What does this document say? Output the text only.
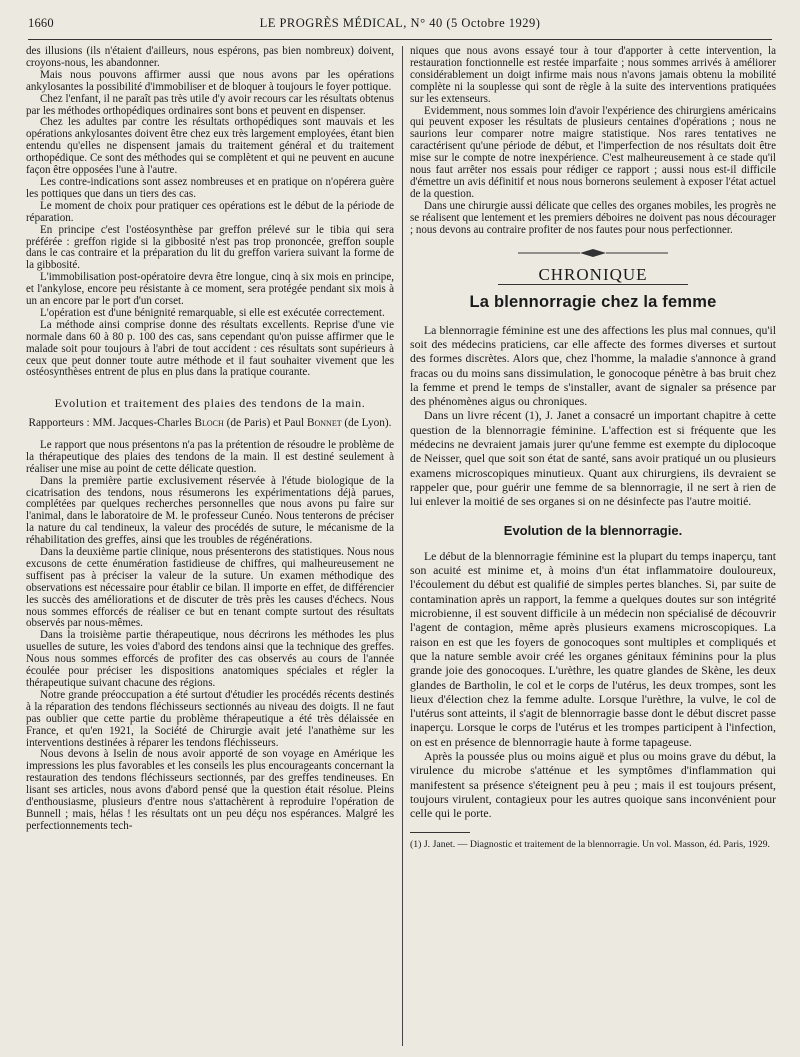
1660	LE PROGRÈS MÉDICAL, N° 40 (5 Octobre 1929)

des illusions (ils n'étaient d'ailleurs, nous espérons, pas bien nombreux) doivent, croyons-nous, les abandonner.

Mais nous pouvons affirmer aussi que nous avons par les opérations ankylosantes la possibilité d'immobiliser et de bloquer à toujours le foyer pottique.

Chez l'enfant, il ne paraît pas très utile d'y avoir recours car les résultats obtenus par les méthodes orthopédiques ordinaires sont bons et peuvent en dispenser.

Chez les adultes par contre les résultats orthopédiques sont mauvais et les opérations ankylosantes doivent être chez eux très largement employées, étant bien entendu qu'elles ne dispensent jamais du traitement général et du traitement orthopédique. Ce sont des méthodes qui se complètent et qui ne peuvent en aucune façon être opposées l'une à l'autre.

Les contre-indications sont assez nombreuses et en pratique on n'opérera guère les pottiques que dans un tiers des cas.

Le moment de choix pour pratiquer ces opérations est le début de la période de réparation.

En principe c'est l'ostéosynthèse par greffon prélevé sur le tibia qui sera préférée : greffon rigide si la gibbosité n'est pas trop prononcée, greffon souple dans le cas contraire et la préparation du lit du greffon variera suivant la forme de la gibbosité.

L'immobilisation post-opératoire devra être longue, cinq à six mois en principe, et l'ankylose, encore peu résistante à ce moment, sera protégée pendant six mois à un an encore par le port d'un corset.

L'opération est d'une bénignité remarquable, si elle est exécutée correctement.

La méthode ainsi comprise donne des résultats excellents. Reprise d'une vie normale dans 60 à 80 p. 100 des cas, sans cependant qu'on puisse affirmer que le malade soit pour toujours à l'abri de tout accident : ces résultats sont supérieurs à ceux que peut donner toute autre méthode et il faut souhaiter vivement que les ostéosynthèses entrent de plus en plus dans la pratique courante.

Evolution et traitement des plaies des tendons de la main.
Rapporteurs : MM. Jacques-Charles Bloch (de Paris) et Paul Bonnet (de Lyon).

Le rapport que nous présentons n'a pas la prétention de résoudre le problème de la thérapeutique des plaies des tendons de la main. Il est destiné seulement à réaliser une mise au point de cette délicate question.

Dans la première partie exclusivement réservée à l'étude biologique de la cicatrisation des tendons, nous résumerons les expérimentations déjà parues, complétées par quelques recherches personnelles que nous avons pu faire sur l'animal, dans le laboratoire de M. le professeur Cunéo. Nous tenterons de préciser la nature du cal tendineux, la valeur des procédés de suture, le mécanisme de la réhabilitation des greffes, ainsi que les troubles de régénérations.

Dans la deuxième partie clinique, nous présenterons des statistiques. Nous nous excusons de cette énumération fastidieuse de chiffres, qui malheureusement ne suffisent pas à préciser la valeur de la suture. Un examen méthodique des observations est nécessaire pour établir ce bilan. Il importe en effet, de différencier les succès des améliorations et de discuter de très près les causes d'échecs. Nous nous sommes efforcés de réaliser ce but en tenant compte surtout des résultats observés par nous-mêmes.

Dans la troisième partie thérapeutique, nous décrirons les méthodes les plus usuelles de suture, les voies d'abord des tendons ainsi que la technique des greffes. Nous nous sommes efforcés de profiter des cas observés au cours de l'année écoulée pour préciser les dispositions anatomiques spéciales et régler la thérapeutique suivant chacune des régions.

Notre grande préoccupation a été surtout d'étudier les procédés récents destinés à la réparation des tendons fléchisseurs sectionnés au niveau des doigts. Il ne faut pas oublier que cette partie du problème thérapeutique a été très délaissée en France, et qu'en 1921, la Société de Chirurgie avait jeté l'anathème sur les interventions destinées à réparer les tendons fléchisseurs.

Nous devons à Iselin de nous avoir apporté de son voyage en Amérique les impressions les plus favorables et les conseils les plus encourageants concernant la restauration des tendons fléchisseurs sectionnés, par des greffes tendineuses. En lisant ses articles, nous avons d'abord pensé que la question était résolue. Pleins d'enthousiasme, plusieurs d'entre nous s'attachèrent à reproduire l'opération de Bunnell ; mais, hélas ! les résultats ont un peu déçu nos espérances. Malgré les perfectionnements tech-

niques que nous avons essayé tour à tour d'apporter à cette intervention, la restauration fonctionnelle est restée imparfaite ; nous sommes arrivés à améliorer considérablement un doigt infirme mais nous n'avons jamais obtenu la mobilité complète ni la souplesse qui sont de règle à la suite des interventions pratiquées sur les extenseurs.

Evidemment, nous sommes loin d'avoir l'expérience des chirurgiens américains qui peuvent exposer les résultats de plusieurs centaines d'opérations ; nous ne saurions leur comparer notre maigre statistique. Nos rares tentatives ne caractérisent qu'une période de début, et l'imperfection de nos résultats doit être mise sur le compte de notre inexpérience. C'est malheureusement à ce stade qu'il nous faut arrêter nos essais pour rédiger ce rapport ; aussi nous est-il difficile d'émettre un avis définitif et nous nous bornerons seulement à exposer l'état actuel de la question.

Dans une chirurgie aussi délicate que celles des organes mobiles, les progrès ne se réalisent que lentement et les premiers déboires ne doivent pas nous décourager ; nous devons au contraire profiter de nos fautes pour nous perfectionner.

CHRONIQUE
La blennorragie chez la femme

La blennorragie féminine est une des affections les plus mal connues, qu'il soit des médecins praticiens, car elle affecte des formes diverses et surtout des formes discrètes. Alors que, chez l'homme, la maladie s'annonce à grand fracas ou du moins sans dissimulation, le gonocoque pénètre à bas bruit chez la femme et prend le temps de s'installer, avant de signaler sa présence par des phénomènes aigus ou chroniques.

Dans un livre récent (1), J. Janet a consacré un important chapitre à cette question de la blennorragie féminine. L'affection est si fréquente que les médecins ne devraient jamais jurer qu'une femme est exempte du diplocoque de Neisser, quel que soit son état de santé, sans avoir pratiqué un ou plusieurs examens microscopiques minutieux. Quant aux chirurgiens, ils devraient se rappeler que, pour guérir une femme de sa blennorragie, il ne sert à rien de lui enlever la moitié de ses organes si on ne désinfecte pas l'autre moitié.

Evolution de la blennorragie.

Le début de la blennorragie féminine est la plupart du temps inaperçu, tant son acuité est minime et, à moins d'un état inflammatoire douloureux, l'écoulement du début est qualifié de simples pertes blanches. Si, par suite de contamination après un rapport, la femme a quelques doutes sur son intégrité microbienne, il est souvent difficile à un médecin non spécialisé de découvrir l'agent de contagion, même après plusieurs examens microscopiques. La raison en est que les foyers de gonocoques sont multiples et compliqués et que la nature semble avoir créé les organes génitaux féminins pour la plus grande joie des gonocoques. L'urèthre, les quatre glandes de Skène, les deux glandes de Bartholin, le col et le corps de l'utérus, les deux trompes, sont les lieux d'élection chez la femme adulte. Lorsque l'urèthre, la vulve, le col de l'utérus sont atteints, il s'agit de blennorragie basse dont le début discret passe inaperçu. Lorsque le corps de l'utérus et les trompes participent à l'infection, on est en présence de blennorragie haute à forme tapageuse.

Après la poussée plus ou moins aiguë et plus ou moins grave du début, la virulence du microbe s'atténue et les symptômes d'inflammation qui manifestent sa présence s'éteignent peu à peu ; mais il est toujours présent, toujours virulent, contagieux pour les autres quoique sans inconvénient pour celle qui le porte.

(1) J. Janet. — Diagnostic et traitement de la blennorragie. Un vol. Masson, éd. Paris, 1929.
